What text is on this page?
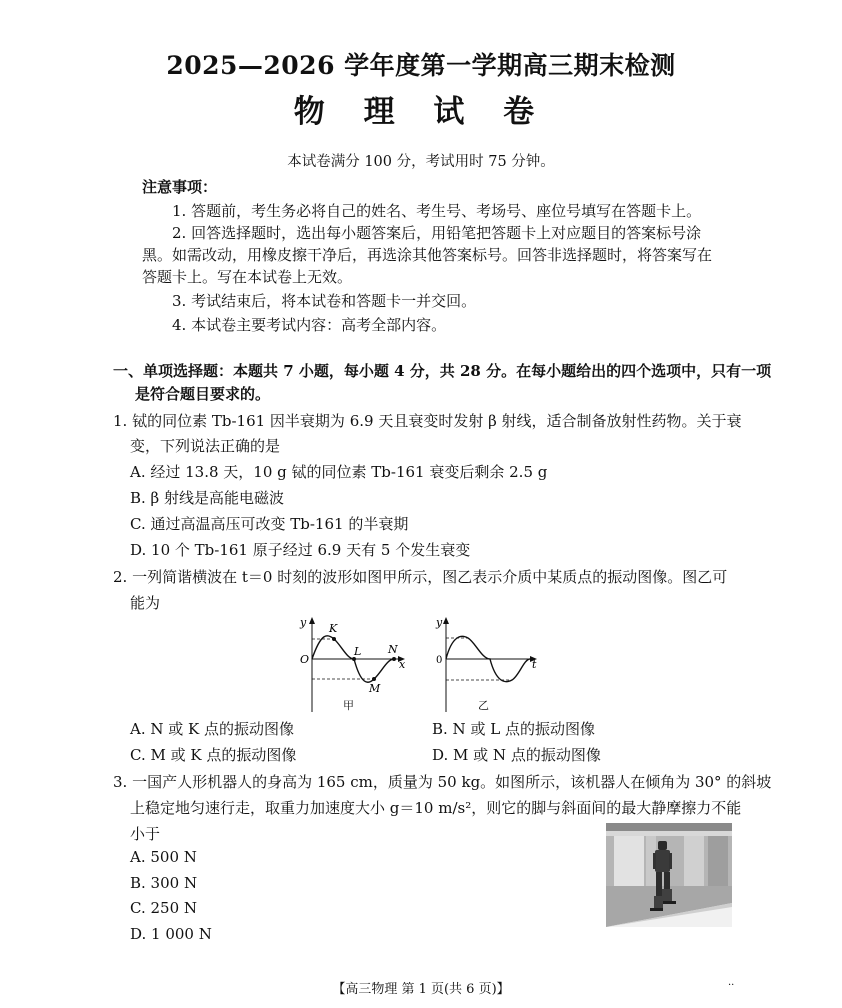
2025—2026 学年度第一学期高三期末检测
物 理 试 卷
本试卷满分 100 分，考试用时 75 分钟。
注意事项：
1. 答题前，考生务必将自己的姓名、考生号、考场号、座位号填写在答题卡上。
2. 回答选择题时，选出每小题答案后，用铅笔把答题卡上对应题目的答案标号涂
黑。如需改动，用橡皮擦干净后，再选涂其他答案标号。回答非选择题时，将答案写在
答题卡上。写在本试卷上无效。
3. 考试结束后，将本试卷和答题卡一并交回。
4. 本试卷主要考试内容：高考全部内容。
一、单项选择题：本题共 7 小题，每小题 4 分，共 28 分。在每小题给出的四个选项中，只有一项
是符合题目要求的。
1. 铽的同位素 Tb-161 因半衰期为 6.9 天且衰变时发射 β 射线，适合制备放射性药物。关于衰
变，下列说法正确的是
A. 经过 13.8 天，10 g 铽的同位素 Tb-161 衰变后剩余 2.5 g
B. β 射线是高能电磁波
C. 通过高温高压可改变 Tb-161 的半衰期
D. 10 个 Tb-161 原子经过 6.9 天有 5 个发生衰变
2. 一列简谐横波在 t＝0 时刻的波形如图甲所示，图乙表示介质中某质点的振动图像。图乙可
能为
y
x
O
K
L
M
N
甲
y
t
0
乙
A. N 或 K 点的振动图像	B. N 或 L 点的振动图像
C. M 或 K 点的振动图像	D. M 或 N 点的振动图像
3. 一国产人形机器人的身高为 165 cm，质量为 50 kg。如图所示，该机器人在倾角为 30° 的斜坡
上稳定地匀速行走，取重力加速度大小 g＝10 m/s²，则它的脚与斜面间的最大静摩擦力不能
小于
A. 500 N
B. 300 N
C. 250 N
D. 1 000 N
【高三物理 第 1 页(共 6 页)】	··
